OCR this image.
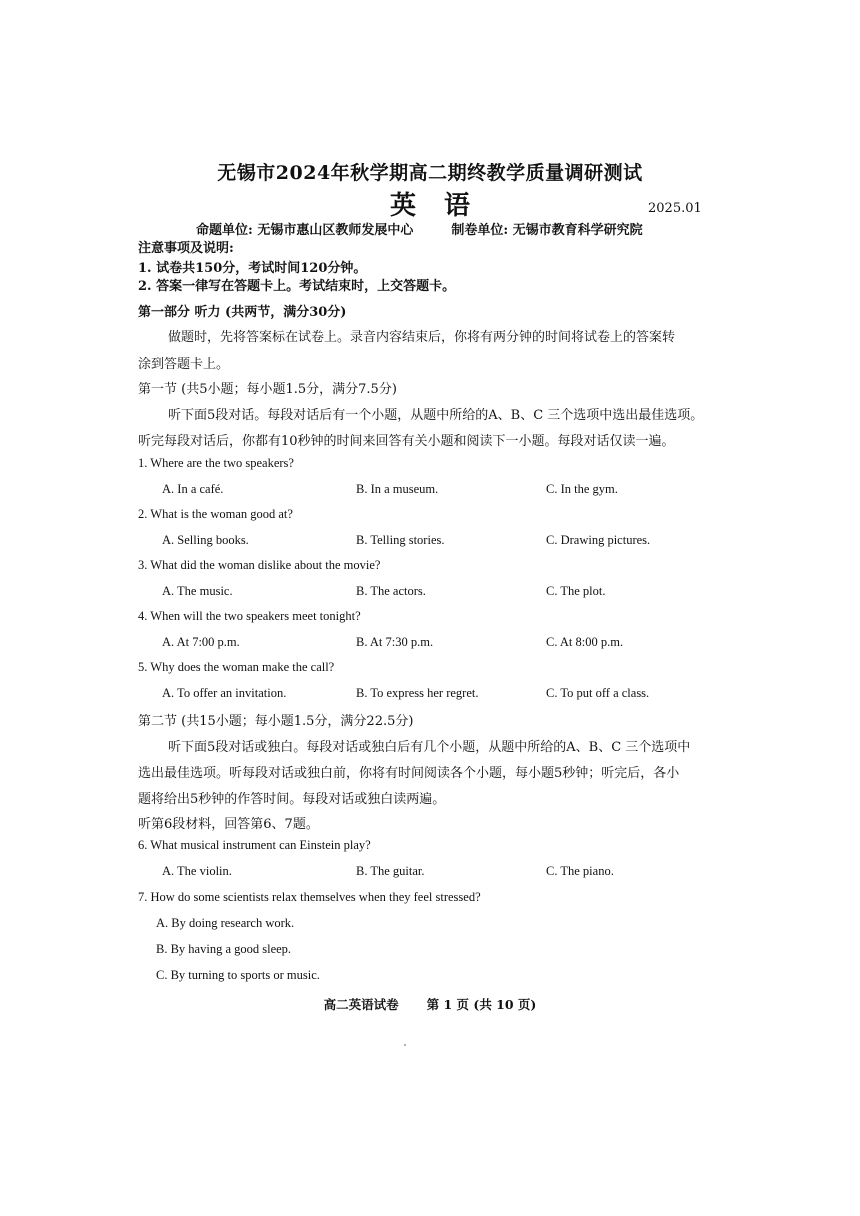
无锡市2024年秋学期高二期终教学质量调研测试
英语	2025.01
命题单位: 无锡市惠山区教师发展中心	制卷单位: 无锡市教育科学研究院
注意事项及说明:
1. 试卷共150分，考试时间120分钟。
2. 答案一律写在答题卡上。考试结束时，上交答题卡。
第一部分 听力 (共两节，满分30分)
做题时，先将答案标在试卷上。录音内容结束后，你将有两分钟的时间将试卷上的答案转
涂到答题卡上。
第一节 (共5小题；每小题1.5分，满分7.5分)
听下面5段对话。每段对话后有一个小题，从题中所给的A、B、C 三个选项中选出最佳选项。
听完每段对话后，你都有10秒钟的时间来回答有关小题和阅读下一小题。每段对话仅读一遍。
1. Where are the two speakers?
A. In a café.	B. In a museum.	C. In the gym.
2. What is the woman good at?
A. Selling books.	B. Telling stories.	C. Drawing pictures.
3. What did the woman dislike about the movie?
A. The music.	B. The actors.	C. The plot.
4. When will the two speakers meet tonight?
A. At 7:00 p.m.	B. At 7:30 p.m.	C. At 8:00 p.m.
5. Why does the woman make the call?
A. To offer an invitation.	B. To express her regret.	C. To put off a class.
第二节 (共15小题；每小题1.5分，满分22.5分)
听下面5段对话或独白。每段对话或独白后有几个小题，从题中所给的A、B、C 三个选项中
选出最佳选项。听每段对话或独白前，你将有时间阅读各个小题，每小题5秒钟；听完后，各小
题将给出5秒钟的作答时间。每段对话或独白读两遍。
听第6段材料，回答第6、7题。
6. What musical instrument can Einstein play?
A. The violin.	B. The guitar.	C. The piano.
7. How do some scientists relax themselves when they feel stressed?
A. By doing research work.
B. By having a good sleep.
C. By turning to sports or music.
高二英语试卷 第 1 页 (共 10 页)
